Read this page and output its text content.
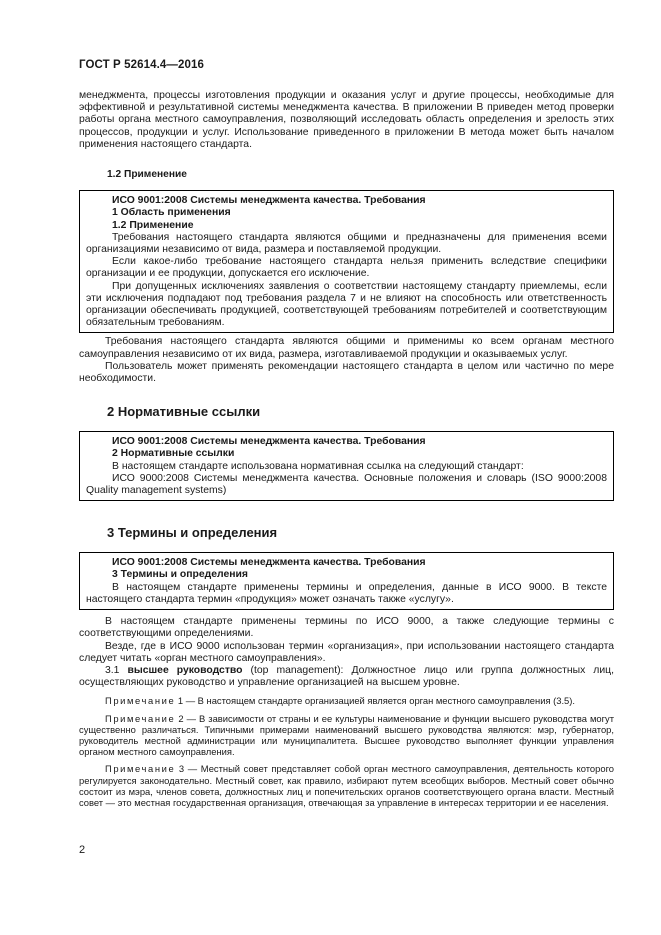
ГОСТ Р 52614.4—2016

менеджмента, процессы изготовления продукции и оказания услуг и другие процессы, необходимые для эффективной и результативной системы менеджмента качества. В приложении В приведен метод проверки работы органа местного самоуправления, позволяющий исследовать область определения и зрелость этих процессов, продукции и услуг. Использование приведенного в приложении В метода может быть началом применения настоящего стандарта.

1.2 Применение
ИСО 9001:2008 Системы менеджмента качества. Требования
1 Область применения
1.2 Применение

Требования настоящего стандарта являются общими и предназначены для применения всеми организациями независимо от вида, размера и поставляемой продукции.

Если какое-либо требование настоящего стандарта нельзя применить вследствие специфики организации и ее продукции, допускается его исключение.

При допущенных исключениях заявления о соответствии настоящему стандарту приемлемы, если эти исключения подпадают под требования раздела 7 и не влияют на способность или ответственность организации обеспечивать продукцией, соответствующей требованиям потребителей и соответствующим обязательным требованиям.

Требования настоящего стандарта являются общими и применимы ко всем органам местного самоуправления независимо от их вида, размера, изготавливаемой продукции и оказываемых услуг.

Пользователь может применять рекомендации настоящего стандарта в целом или частично по мере необходимости.

2 Нормативные ссылки
ИСО 9001:2008 Системы менеджмента качества. Требования
2 Нормативные ссылки

В настоящем стандарте использована нормативная ссылка на следующий стандарт:

ИСО 9000:2008 Системы менеджмента качества. Основные положения и словарь (ISO 9000:2008 Quality management systems)

3 Термины и определения
ИСО 9001:2008 Системы менеджмента качества. Требования
3 Термины и определения

В настоящем стандарте применены термины и определения, данные в ИСО 9000. В тексте настоящего стандарта термин «продукция» может означать также «услугу».

В настоящем стандарте применены термины по ИСО 9000, а также следующие термины с соответствующими определениями.

Везде, где в ИСО 9000 использован термин «организация», при использовании настоящего стандарта следует читать «орган местного самоуправления».

3.1 высшее руководство (top management): Должностное лицо или группа должностных лиц, осуществляющих руководство и управление организацией на высшем уровне.

Примечание 1 — В настоящем стандарте организацией является орган местного самоуправления (3.5).
Примечание 2 — В зависимости от страны и ее культуры наименование и функции высшего руководства могут существенно различаться. Типичными примерами наименований высшего руководства являются: мэр, губернатор, руководитель местной администрации или муниципалитета. Высшее руководство выполняет функции управления органом местного самоуправления.
Примечание 3 — Местный совет представляет собой орган местного самоуправления, деятельность которого регулируется законодательно. Местный совет, как правило, избирают путем всеобщих выборов. Местный совет обычно состоит из мэра, членов совета, должностных лиц и попечительских органов соответствующего органа власти. Местный совет — это местная государственная организация, отвечающая за управление в интересах территории и ее населения.
2
